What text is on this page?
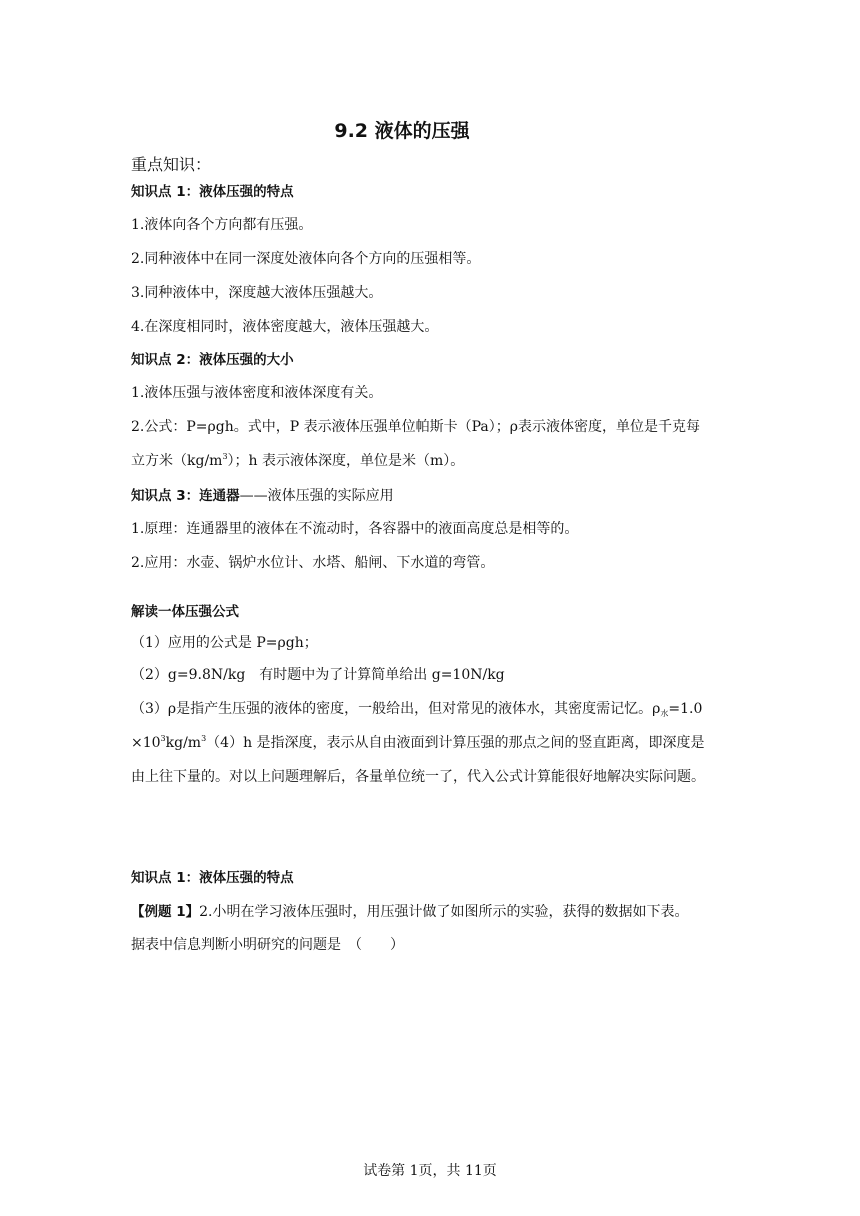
9.2 液体的压强
重点知识：
知识点 1：液体压强的特点
1.液体向各个方向都有压强。
2.同种液体中在同一深度处液体向各个方向的压强相等。
3.同种液体中，深度越大液体压强越大。
4.在深度相同时，液体密度越大，液体压强越大。
知识点 2：液体压强的大小
1.液体压强与液体密度和液体深度有关。
2.公式：P=ρgh。式中，P 表示液体压强单位帕斯卡（Pa）；ρ表示液体密度，单位是千克每
立方米$(kg/m^3)$；h 表示液体深度，单位是米（m）。
知识点 3：连通器——液体压强的实际应用
1.原理：连通器里的液体在不流动时，各容器中的液面高度总是相等的。
2.应用：水壶、锅炉水位计、水塔、船闸、下水道的弯管。
解读一体压强公式
（1）应用的公式是 P=ρgh；
（2）g=9.8N/kg　有时题中为了计算简单给出 g=10N/kg
（3）ρ是指产生压强的液体的密度，一般给出，但对常见的液体水，其密度需记忆。$\rho_水=1.0$
$\times 10^3kg/m^3(4)h$ 是指深度，表示从自由液面到计算压强的那点之间的竖直距离，即深度是
由上往下量的。对以上问题理解后，各量单位统一了，代入公式计算能很好地解决实际问题。
知识点 1：液体压强的特点
【例题 1】2.小明在学习液体压强时，用压强计做了如图所示的实验，获得的数据如下表。
据表中信息判断小明研究的问题是　（　　）
试卷第 1页，共 11页
